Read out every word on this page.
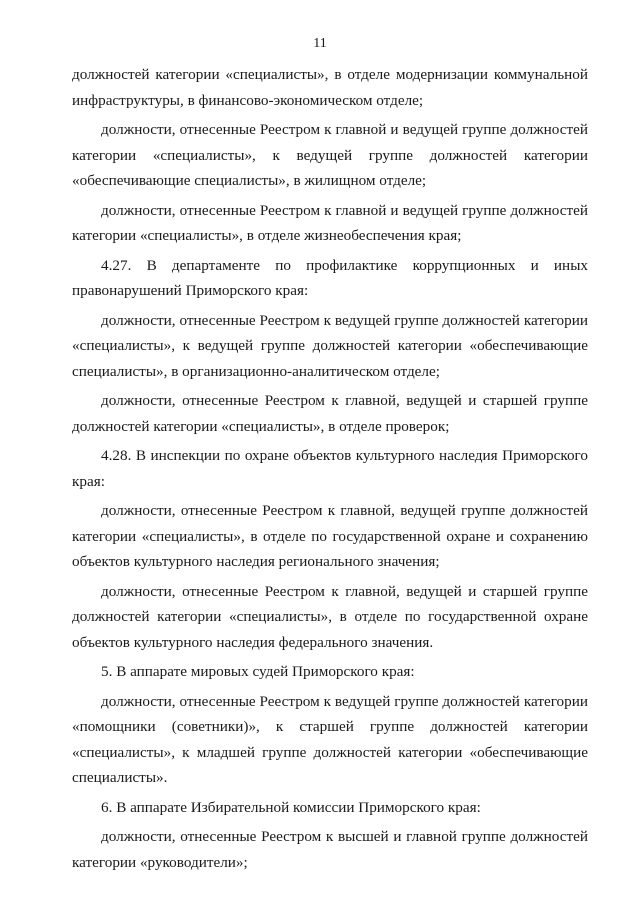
11

должностей категории «специалисты», в отделе модернизации коммунальной инфраструктуры, в финансово-экономическом отделе;

должности, отнесенные Реестром к главной и ведущей группе должностей категории «специалисты», к ведущей группе должностей категории «обеспечивающие специалисты», в жилищном отделе;

должности, отнесенные Реестром к главной и ведущей группе должностей категории «специалисты», в отделе жизнеобеспечения края;

4.27. В департаменте по профилактике коррупционных и иных правонарушений Приморского края:

должности, отнесенные Реестром к ведущей группе должностей категории «специалисты», к ведущей группе должностей категории «обеспечивающие специалисты», в организационно-аналитическом отделе;

должности, отнесенные Реестром к главной, ведущей и старшей группе должностей категории «специалисты», в отделе проверок;

4.28. В инспекции по охране объектов культурного наследия Приморского края:

должности, отнесенные Реестром к главной, ведущей группе должностей категории «специалисты», в отделе по государственной охране и сохранению объектов культурного наследия регионального значения;

должности, отнесенные Реестром к главной, ведущей и старшей группе должностей категории «специалисты», в отделе по государственной охране объектов культурного наследия федерального значения.

5. В аппарате мировых судей Приморского края:

должности, отнесенные Реестром к ведущей группе должностей категории «помощники (советники)», к старшей группе должностей категории «специалисты», к младшей группе должностей категории «обеспечивающие специалисты».

6. В аппарате Избирательной комиссии Приморского края:

должности, отнесенные Реестром к высшей и главной группе должностей категории «руководители»;
